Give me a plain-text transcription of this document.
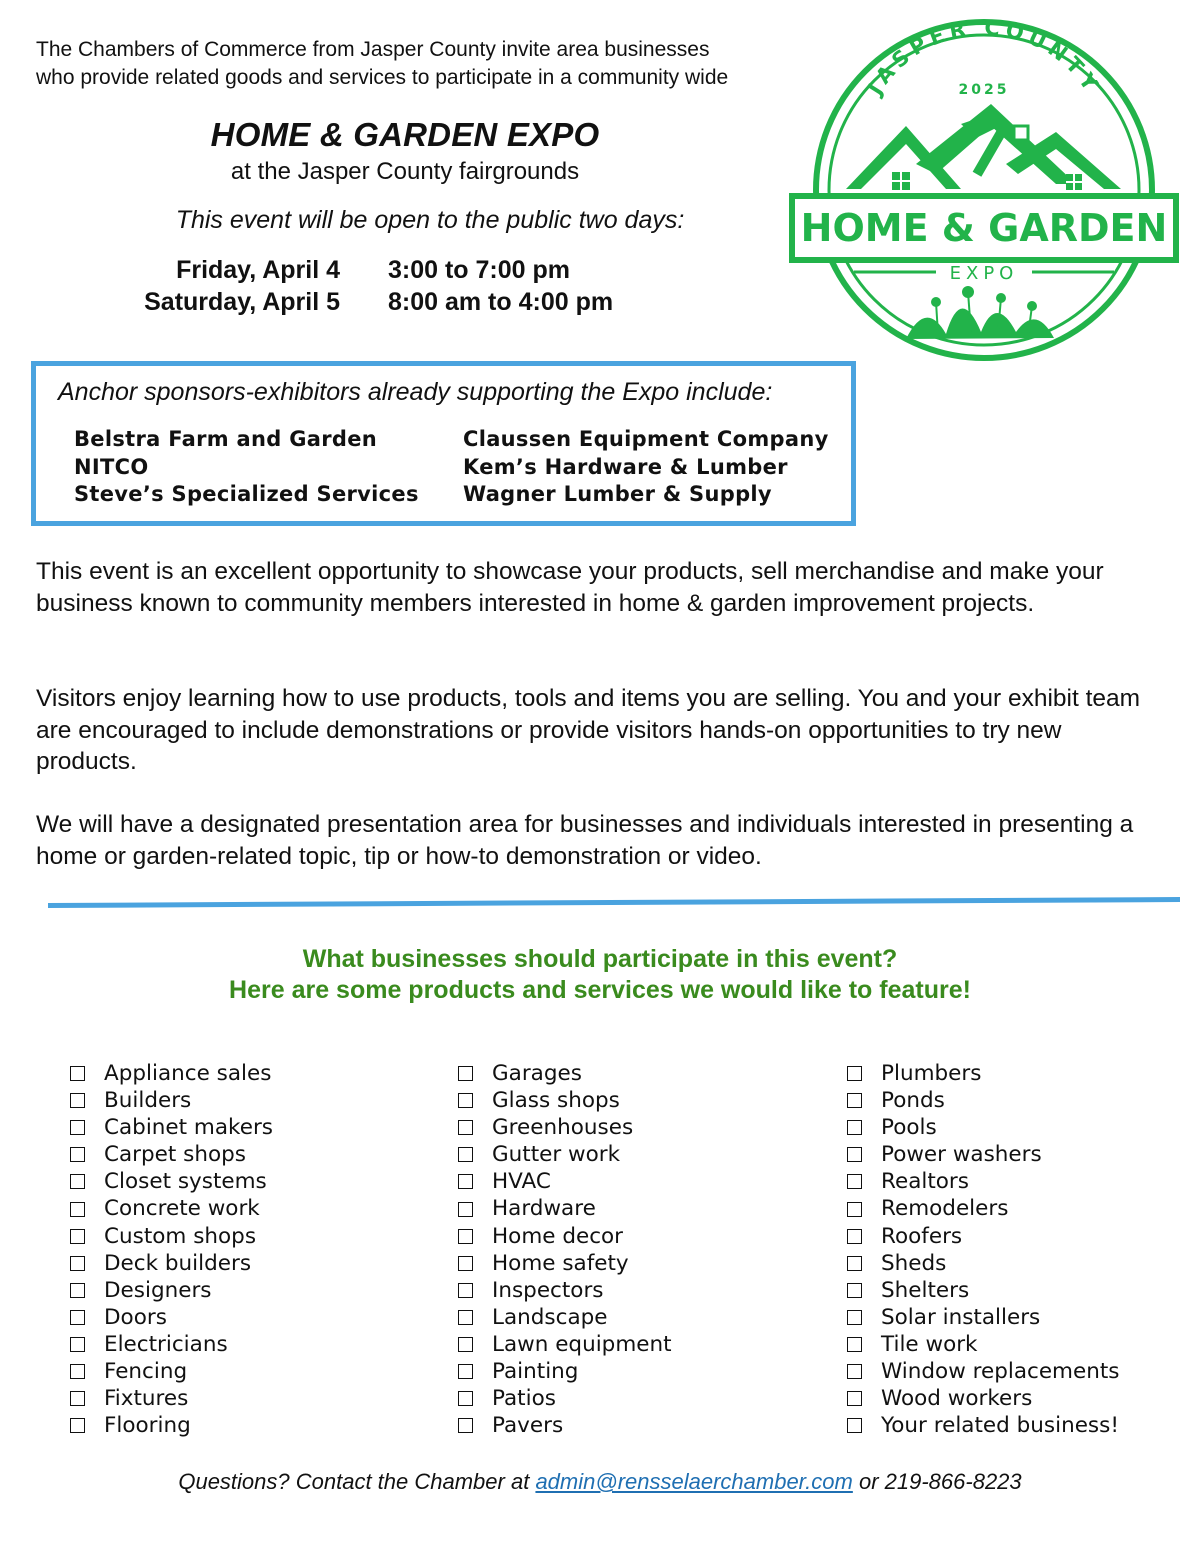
The Chambers of Commerce from Jasper County invite area businesses
who provide related goods and services to participate in a community wide
HOME & GARDEN EXPO
at the Jasper County fairgrounds
This event will be open to the public two days:
Friday, April 4 3:00 to 7:00 pm
Saturday, April 5 8:00 am to 4:00 pm
JASPER COUNTY
2025
HOME & GARDEN
EXPO
Anchor sponsors-exhibitors already supporting the Expo include:
Belstra Farm and Garden
NITCO
Steve’s Specialized Services
Claussen Equipment Company
Kem’s Hardware & Lumber
Wagner Lumber & Supply
This event is an excellent opportunity to showcase your products, sell merchandise and make your business known to community members interested in home & garden improvement projects.
Visitors enjoy learning how to use products, tools and items you are selling. You and your exhibit team are encouraged to include demonstrations or provide visitors hands-on opportunities to try new products.
We will have a designated presentation area for businesses and individuals interested in presenting a home or garden-related topic, tip or how-to demonstration or video.
What businesses should participate in this event?
Here are some products and services we would like to feature!
Appliance sales
Builders
Cabinet makers
Carpet shops
Closet systems
Concrete work
Custom shops
Deck builders
Designers
Doors
Electricians
Fencing
Fixtures
Flooring
Garages
Glass shops
Greenhouses
Gutter work
HVAC
Hardware
Home decor
Home safety
Inspectors
Landscape
Lawn equipment
Painting
Patios
Pavers
Plumbers
Ponds
Pools
Power washers
Realtors
Remodelers
Roofers
Sheds
Shelters
Solar installers
Tile work
Window replacements
Wood workers
Your related business!
Questions? Contact the Chamber at admin@rensselaerchamber.com or 219-866-8223
